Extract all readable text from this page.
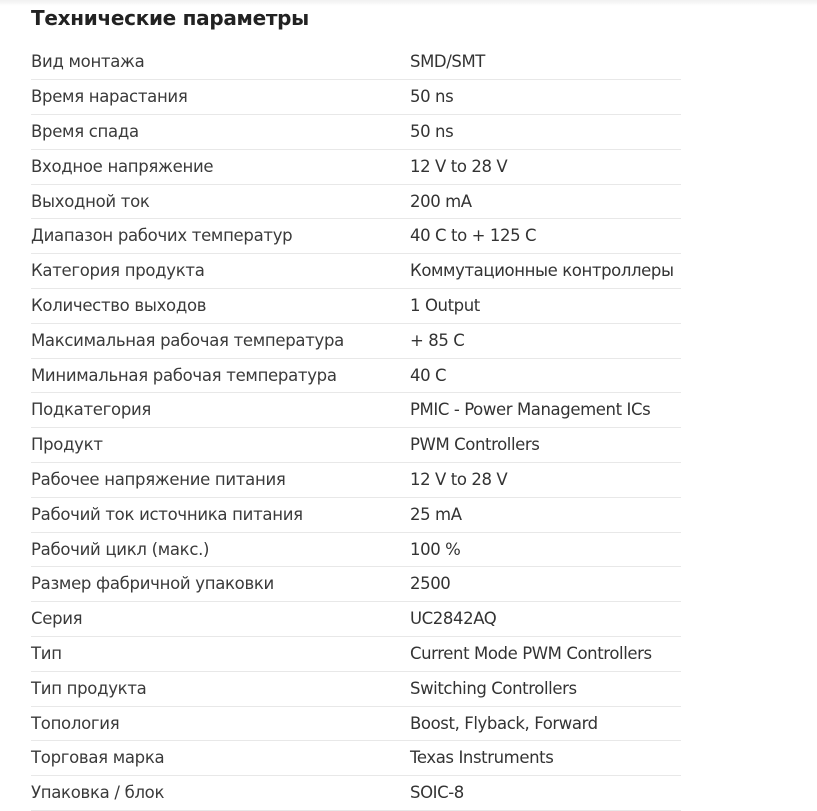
Технические параметры
Вид монтажа	SMD/SMT
Время нарастания	50 ns
Время спада	50 ns
Входное напряжение	12 V to 28 V
Выходной ток	200 mA
Диапазон рабочих температур	40 C to + 125 C
Категория продукта	Коммутационные контроллеры
Количество выходов	1 Output
Максимальная рабочая температура	+ 85 C
Минимальная рабочая температура	40 C
Подкатегория	PMIC - Power Management ICs
Продукт	PWM Controllers
Рабочее напряжение питания	12 V to 28 V
Рабочий ток источника питания	25 mA
Рабочий цикл (макс.)	100 %
Размер фабричной упаковки	2500
Серия	UC2842AQ
Тип	Current Mode PWM Controllers
Тип продукта	Switching Controllers
Топология	Boost, Flyback, Forward
Торговая марка	Texas Instruments
Упаковка / блок	SOIC-8
